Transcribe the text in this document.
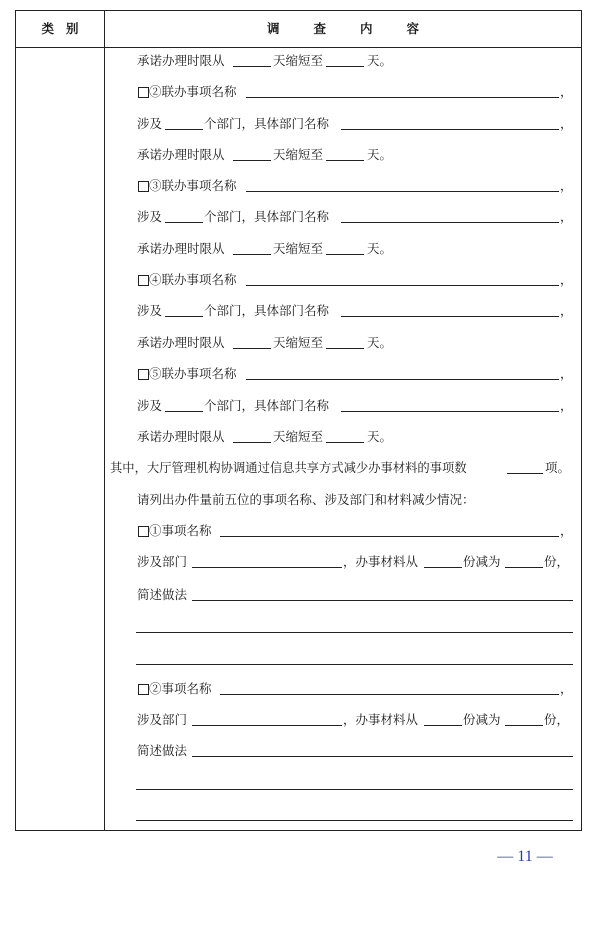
类别	调查内容
承诺办理时限从	天缩短至	天。
②联办事项名称	，
涉及	个部门，具体部门名称	，
承诺办理时限从	天缩短至	天。
③联办事项名称	，
涉及	个部门，具体部门名称	，
承诺办理时限从	天缩短至	天。
④联办事项名称	，
涉及	个部门，具体部门名称	，
承诺办理时限从	天缩短至	天。
⑤联办事项名称	，
涉及	个部门，具体部门名称	，
承诺办理时限从	天缩短至	天。
其中，大厅管理机构协调通过信息共享方式减少办事材料的事项数	项。
请列出办件量前五位的事项名称、涉及部门和材料减少情况：
①事项名称	，
涉及部门	，办事材料从	份减为	份，
简述做法
②事项名称	，
涉及部门	，办事材料从	份减为	份，
简述做法
— 11 —
